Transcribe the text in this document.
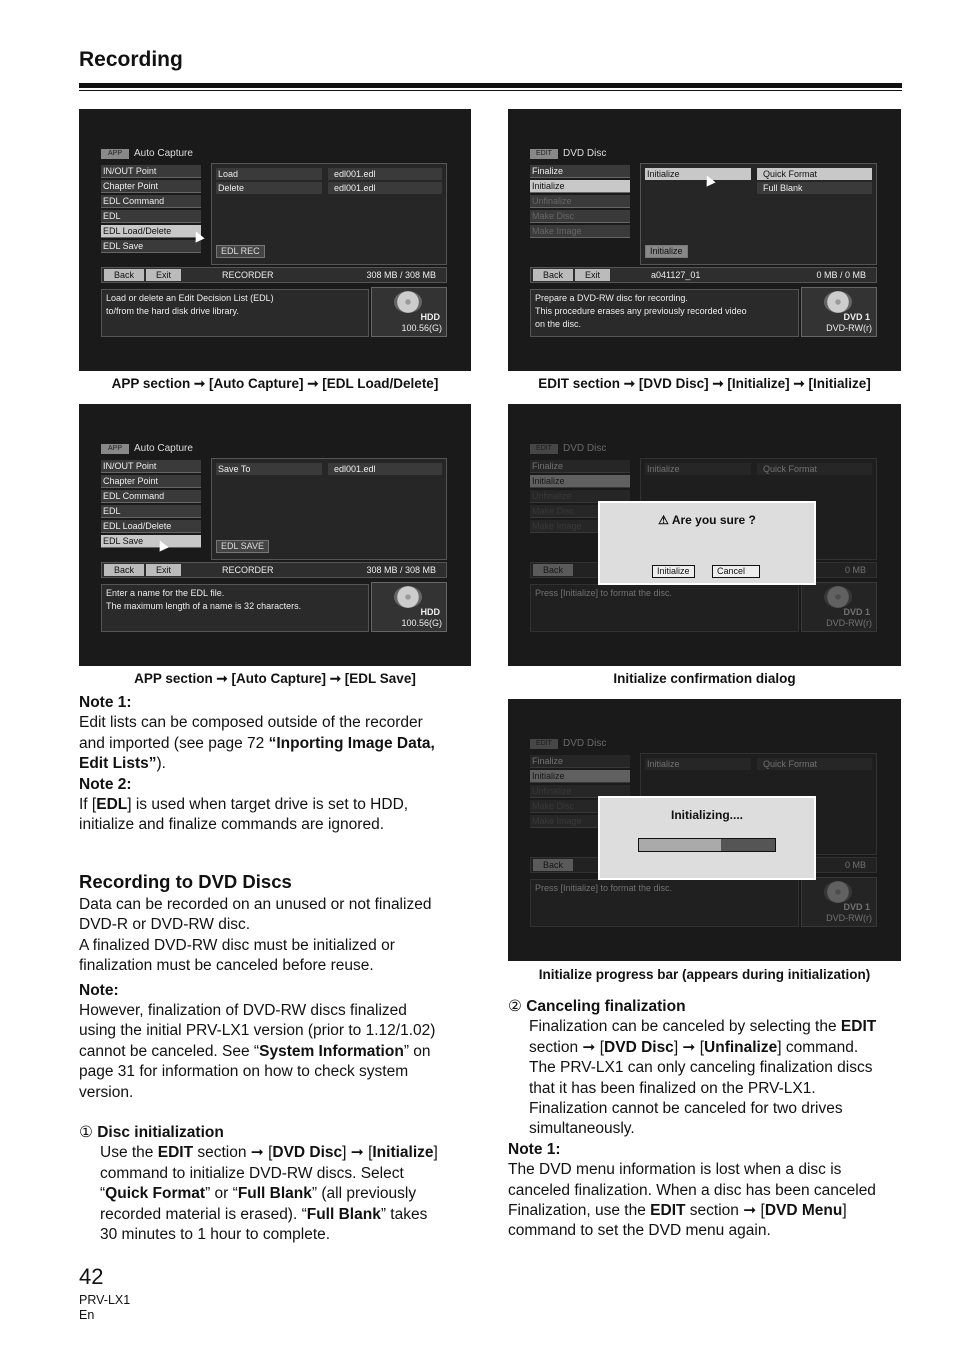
Recording
APP	Auto Capture
IN/OUT Point
Chapter Point
EDL Command
EDL
EDL Load/Delete
EDL Save
Load	edl001.edl
Delete	edl001.edl
EDL REC
Back Exit	RECORDER	308 MB / 308 MB
Load or delete an Edit Decision List (EDL)
to/from the hard disk drive library.
HDD
100.56(G)
APP section ➞ [Auto Capture] ➞ [EDL Load/Delete]
EDIT	DVD Disc
Finalize
Initialize
Unfinalize
Make Disc
Make Image
Initialize	Quick Format
Full Blank
Initialize
Back Exit	a041127_01	0 MB / 0 MB
Prepare a DVD-RW disc for recording.
This procedure erases any previously recorded video
on the disc.
DVD 1
DVD-RW(r)
EDIT section ➞ [DVD Disc] ➞ [Initialize] ➞ [Initialize]
APP	Auto Capture
IN/OUT Point
Chapter Point
EDL Command
EDL
EDL Load/Delete
EDL Save
Save To	edl001.edl
EDL SAVE
Back Exit	RECORDER	308 MB / 308 MB
Enter a name for the EDL file.
The maximum length of a name is 32 characters.
HDD
100.56(G)
APP section ➞ [Auto Capture] ➞ [EDL Save]
EDIT	DVD Disc
Finalize
Initialize
Unfinalize
Make Disc
Make Image
Initialize	Quick Format
Back	0 MB
Press [Initialize] to format the disc.
DVD 1
DVD-RW(r)
⚠ Are you sure ?
Initialize	Cancel
Initialize confirmation dialog
EDIT	DVD Disc
Finalize
Initialize
Unfinalize
Make Disc
Make Image
Initialize	Quick Format
Back	0 MB
Press [Initialize] to format the disc.
DVD 1
DVD-RW(r)
Initializing....
Initialize progress bar (appears during initialization)
Note 1:
Edit lists can be composed outside of the recorder
and imported (see page 72 “Inporting Image Data,
Edit Lists”).
Note 2:
If [EDL] is used when target drive is set to HDD,
initialize and finalize commands are ignored.
Recording to DVD Discs
Data can be recorded on an unused or not finalized
DVD-R or DVD-RW disc.
A finalized DVD-RW disc must be initialized or
finalization must be canceled before reuse.
Note:
However, finalization of DVD-RW discs finalized
using the initial PRV-LX1 version (prior to 1.12/1.02)
cannot be canceled. See “System Information” on
page 31 for information on how to check system
version.
① Disc initialization
Use the EDIT section ➞ [DVD Disc] ➞ [Initialize]
command to initialize DVD-RW discs. Select
“Quick Format” or “Full Blank” (all previously
recorded material is erased). “Full Blank” takes
30 minutes to 1 hour to complete.
② Canceling finalization
Finalization can be canceled by selecting the EDIT
section ➞ [DVD Disc] ➞ [Unfinalize] command.
The PRV-LX1 can only canceling finalization discs
that it has been finalized on the PRV-LX1.
Finalization cannot be canceled for two drives
simultaneously.
Note 1:
The DVD menu information is lost when a disc is
canceled finalization. When a disc has been canceled
Finalization, use the EDIT section ➞ [DVD Menu]
command to set the DVD menu again.
42
PRV-LX1
En
